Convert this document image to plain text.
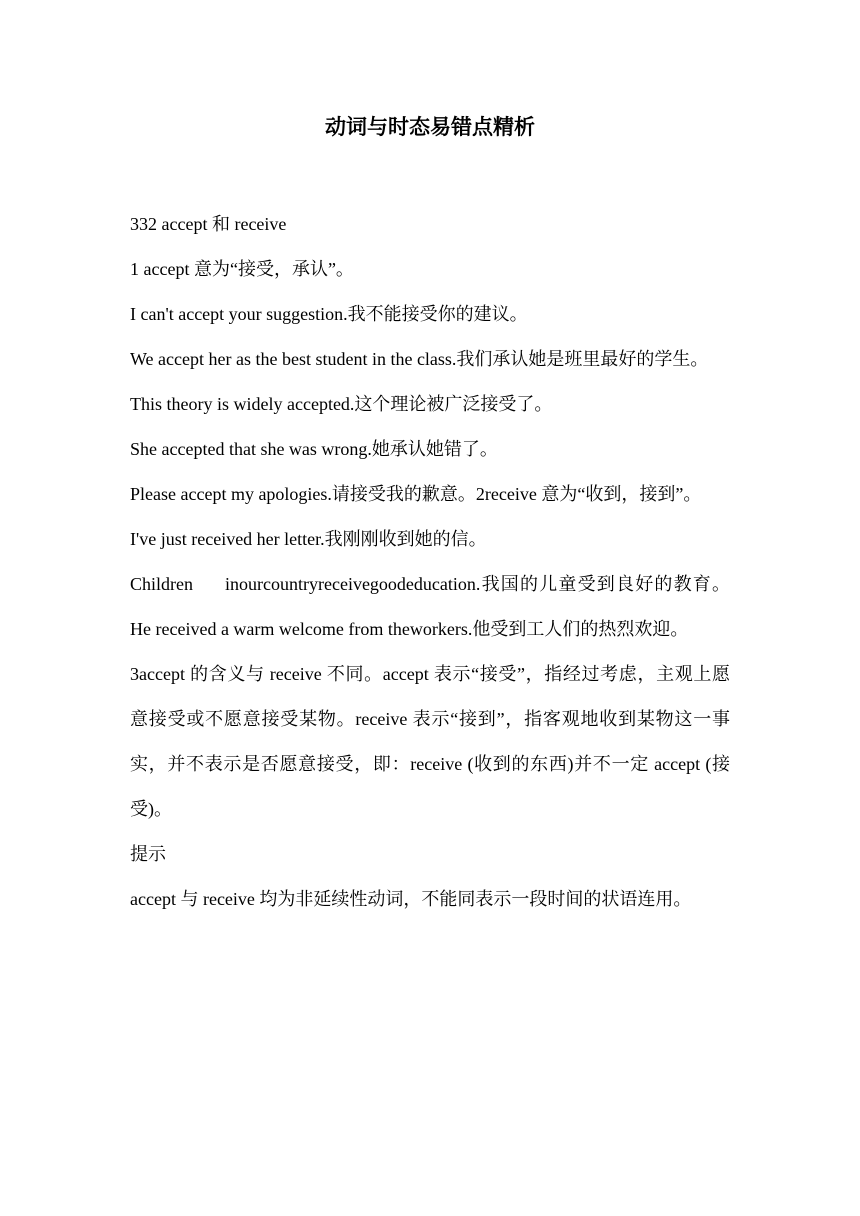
动词与时态易错点精析

332 accept 和 receive

1 accept 意为“接受，承认”。

I can't accept your suggestion.我不能接受你的建议。

We accept her as the best student in the class.我们承认她是班里最好的学生。

This theory is widely accepted.这个理论被广泛接受了。

She accepted that she was wrong.她承认她错了。

Please accept my apologies.请接受我的歉意。2receive 意为“收到，接到”。

I've just received her letter.我刚刚收到她的信。

Children inourcountryreceivegoodeducation.我国的儿童受到良好的教育。He received a warm welcome from theworkers.他受到工人们的热烈欢迎。

3accept 的含义与 receive 不同。accept 表示“接受”，指经过考虑，主观上愿意接受或不愿意接受某物。receive 表示“接到”，指客观地收到某物这一事实，并不表示是否愿意接受，即：receive (收到的东西)并不一定 accept (接受)。

提示

accept 与 receive 均为非延续性动词，不能同表示一段时间的状语连用。
